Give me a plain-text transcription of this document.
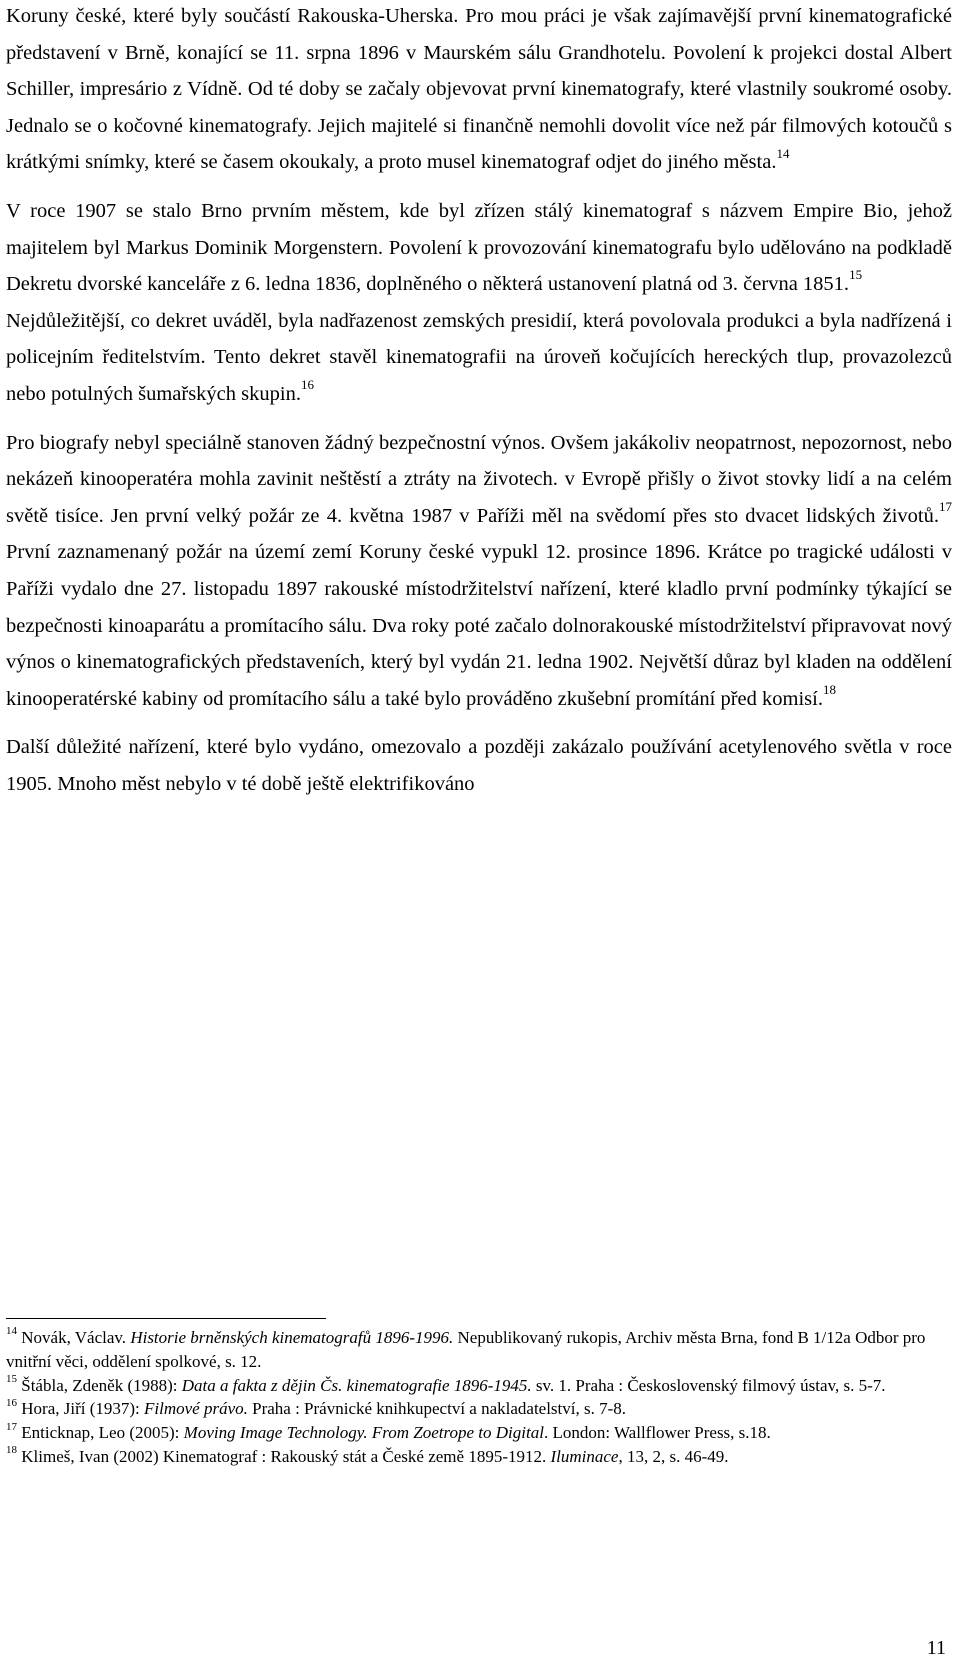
Koruny české, které byly součástí Rakouska-Uherska. Pro mou práci je však zajímavější první kinematografické představení v Brně, konající se 11. srpna 1896 v Maurském sálu Grandhotelu. Povolení k projekci dostal Albert Schiller, impresário z Vídně. Od té doby se začaly objevovat první kinematografy, které vlastnily soukromé osoby. Jednalo se o kočovné kinematografy. Jejich majitelé si finančně nemohli dovolit více než pár filmových kotoučů s krátkými snímky, které se časem okoukaly, a proto musel kinematograf odjet do jiného města.$^{14}$

V roce 1907 se stalo Brno prvním městem, kde byl zřízen stálý kinematograf s názvem Empire Bio, jehož majitelem byl Markus Dominik Morgenstern. Povolení k provozování kinematografu bylo udělováno na podkladě Dekretu dvorské kanceláře z 6. ledna 1836, doplněného o některá ustanovení platná od 3. června 1851.15

Nejdůležitější, co dekret uváděl, byla nadřazenost zemských presidií, která povolovala produkci a byla nadřízená i policejním ředitelstvím. Tento dekret stavěl kinematografii na úroveň kočujících hereckých tlup, provazolezců nebo potulných šumařských skupin.$^{16}$

Pro biografy nebyl speciálně stanoven žádný bezpečnostní výnos. Ovšem jakákoliv neopatrnost, nepozornost, nebo nekázeň kinooperatéra mohla zavinit neštěstí a ztráty na životech. v Evropě přišly o život stovky lidí a na celém světě tisíce. Jen první velký požár ze 4. května 1987 v Paříži měl na svědomí přes sto dvacet lidských životů.$^{17}$ První zaznamenaný požár na území zemí Koruny české vypukl 12. prosince 1896. Krátce po tragické události v Paříži vydalo dne 27. listopadu 1897 rakouské místodržitelství nařízení, které kladlo první podmínky týkající se bezpečnosti kinoaparátu a promítacího sálu. Dva roky poté začalo dolnorakouské místodržitelství připravovat nový výnos o kinematografických představeních, který byl vydán 21. ledna 1902. Největší důraz byl kladen na oddělení kinooperatérské kabiny od promítacího sálu a také bylo prováděno zkušební promítání před komisí.$^{18}$

Další důležité nařízení, které bylo vydáno, omezovalo a později zakázalo používání acetylenového světla v roce 1905. Mnoho měst nebylo v té době ještě elektrifikováno

$^{14}$ Novák, Václav. Historie brněnských kinematografů 1896-1996. Nepublikovaný rukopis, Archiv města Brna, fond B 1/12a Odbor pro vnitřní věci, oddělení spolkové, s. 12.

$^{15}$ Štábla, Zdeněk (1988): Data a fakta z dějin Čs. kinematografie 1896-1945. sv. 1. Praha : Československý filmový ústav, s. 5-7.

$^{16}$ Hora, Jiří (1937): Filmové právo. Praha : Právnické knihkupectví a nakladatelství, s. 7-8.

$^{17}$ Enticknap, Leo (2005): Moving Image Technology. From Zoetrope to Digital. London: Wallflower Press, s.18.

$^{18}$ Klimeš, Ivan (2002) Kinematograf : Rakouský stát a České země 1895-1912. Iluminace, 13, 2, s. 46-49.

11
